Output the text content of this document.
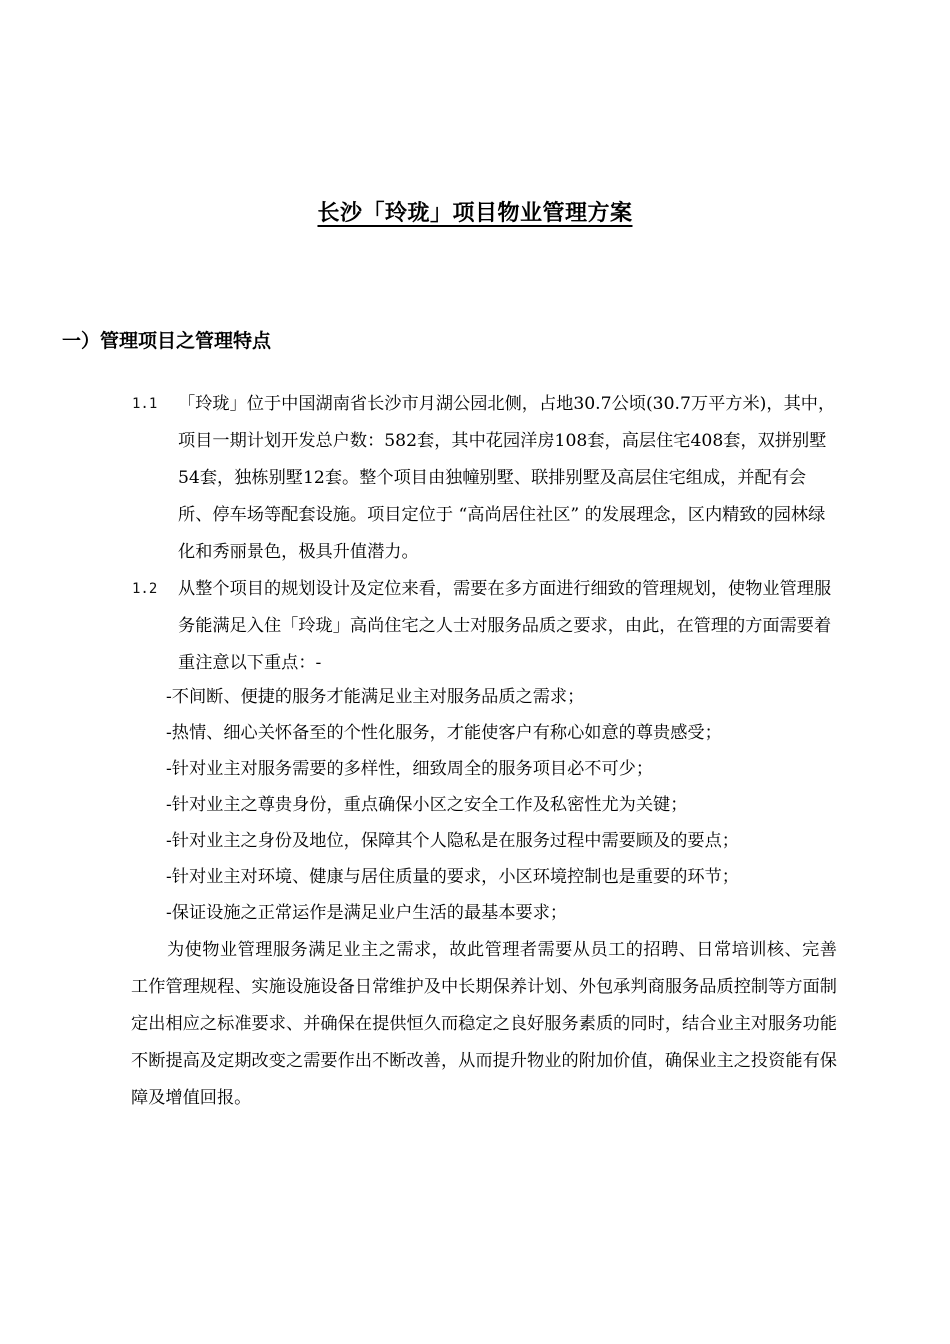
长沙「玲珑」项目物业管理方案
一）管理项目之管理特点
1.1 「玲珑」位于中国湖南省长沙市月湖公园北侧，占地30.7公顷(30.7万平方米)，其中，项目一期计划开发总户数：582套，其中花园洋房108套，高层住宅408套，双拼别墅54套，独栋别墅12套。整个项目由独幢别墅、联排别墅及高层住宅组成，并配有会所、停车场等配套设施。项目定位于 “高尚居住社区” 的发展理念，区内精致的园林绿化和秀丽景色，极具升值潜力。
1.2 从整个项目的规划设计及定位来看，需要在多方面进行细致的管理规划，使物业管理服务能满足入住「玲珑」高尚住宅之人士对服务品质之要求，由此，在管理的方面需要着重注意以下重点：-
-不间断、便捷的服务才能满足业主对服务品质之需求；
-热情、细心关怀备至的个性化服务，才能使客户有称心如意的尊贵感受；
-针对业主对服务需要的多样性，细致周全的服务项目必不可少；
-针对业主之尊贵身份，重点确保小区之安全工作及私密性尤为关键；
-针对业主之身份及地位，保障其个人隐私是在服务过程中需要顾及的要点；
-针对业主对环境、健康与居住质量的要求，小区环境控制也是重要的环节；
-保证设施之正常运作是满足业户生活的最基本要求；
为使物业管理服务满足业主之需求，故此管理者需要从员工的招聘、日常培训核、完善工作管理规程、实施设施设备日常维护及中长期保养计划、外包承判商服务品质控制等方面制定出相应之标准要求、并确保在提供恒久而稳定之良好服务素质的同时，结合业主对服务功能不断提高及定期改变之需要作出不断改善，从而提升物业的附加价值，确保业主之投资能有保障及增值回报。
